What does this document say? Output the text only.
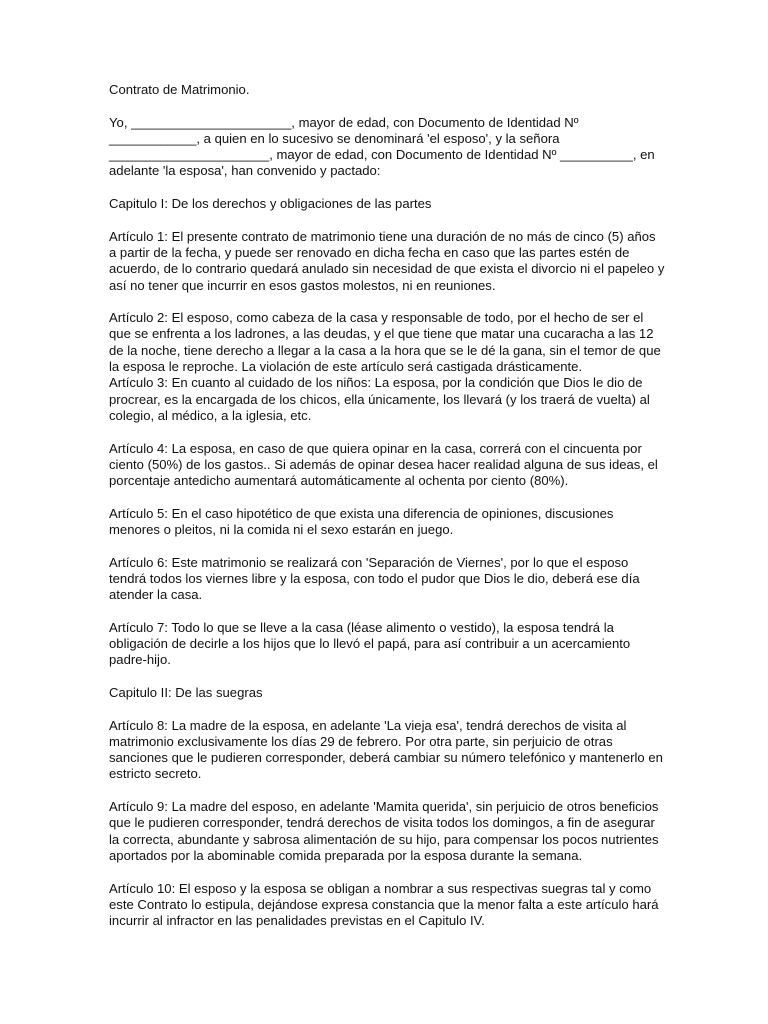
Contrato de Matrimonio.

Yo, ______________________, mayor de edad, con Documento de Identidad Nº
____________, a quien en lo sucesivo se denominará 'el esposo', y la señora
______________________, mayor de edad, con Documento de Identidad Nº __________, en
adelante 'la esposa', han convenido y pactado:

Capitulo I: De los derechos y obligaciones de las partes

Artículo 1: El presente contrato de matrimonio tiene una duración de no más de cinco (5) años
a partir de la fecha, y puede ser renovado en dicha fecha en caso que las partes estén de
acuerdo, de lo contrario quedará anulado sin necesidad de que exista el divorcio ni el papeleo y
así no tener que incurrir en esos gastos molestos, ni en reuniones.

Artículo 2: El esposo, como cabeza de la casa y responsable de todo, por el hecho de ser el
que se enfrenta a los ladrones, a las deudas, y el que tiene que matar una cucaracha a las 12
de la noche, tiene derecho a llegar a la casa a la hora que se le dé la gana, sin el temor de que
la esposa le reproche. La violación de este artículo será castigada drásticamente.

Artículo 3: En cuanto al cuidado de los niños: La esposa, por la condición que Dios le dio de
procrear, es la encargada de los chicos, ella únicamente, los llevará (y los traerá de vuelta) al
colegio, al médico, a la iglesia, etc.

Artículo 4: La esposa, en caso de que quiera opinar en la casa, correrá con el cincuenta por
ciento (50%) de los gastos.. Si además de opinar desea hacer realidad alguna de sus ideas, el
porcentaje antedicho aumentará automáticamente al ochenta por ciento (80%).

Artículo 5: En el caso hipotético de que exista una diferencia de opiniones, discusiones
menores o pleitos, ni la comida ni el sexo estarán en juego.

Artículo 6: Este matrimonio se realizará con 'Separación de Viernes', por lo que el esposo
tendrá todos los viernes libre y la esposa, con todo el pudor que Dios le dio, deberá ese día
atender la casa.

Artículo 7: Todo lo que se lleve a la casa (léase alimento o vestido), la esposa tendrá la
obligación de decirle a los hijos que lo llevó el papá, para así contribuir a un acercamiento
padre-hijo.

Capitulo II: De las suegras

Artículo 8: La madre de la esposa, en adelante 'La vieja esa', tendrá derechos de visita al
matrimonio exclusivamente los días 29 de febrero. Por otra parte, sin perjuicio de otras
sanciones que le pudieren corresponder, deberá cambiar su número telefónico y mantenerlo en
estricto secreto.

Artículo 9: La madre del esposo, en adelante 'Mamita querida', sin perjuicio de otros beneficios
que le pudieren corresponder, tendrá derechos de visita todos los domingos, a fin de asegurar
la correcta, abundante y sabrosa alimentación de su hijo, para compensar los pocos nutrientes
aportados por la abominable comida preparada por la esposa durante la semana.

Artículo 10: El esposo y la esposa se obligan a nombrar a sus respectivas suegras tal y como
este Contrato lo estipula, dejándose expresa constancia que la menor falta a este artículo hará
incurrir al infractor en las penalidades previstas en el Capitulo IV.
